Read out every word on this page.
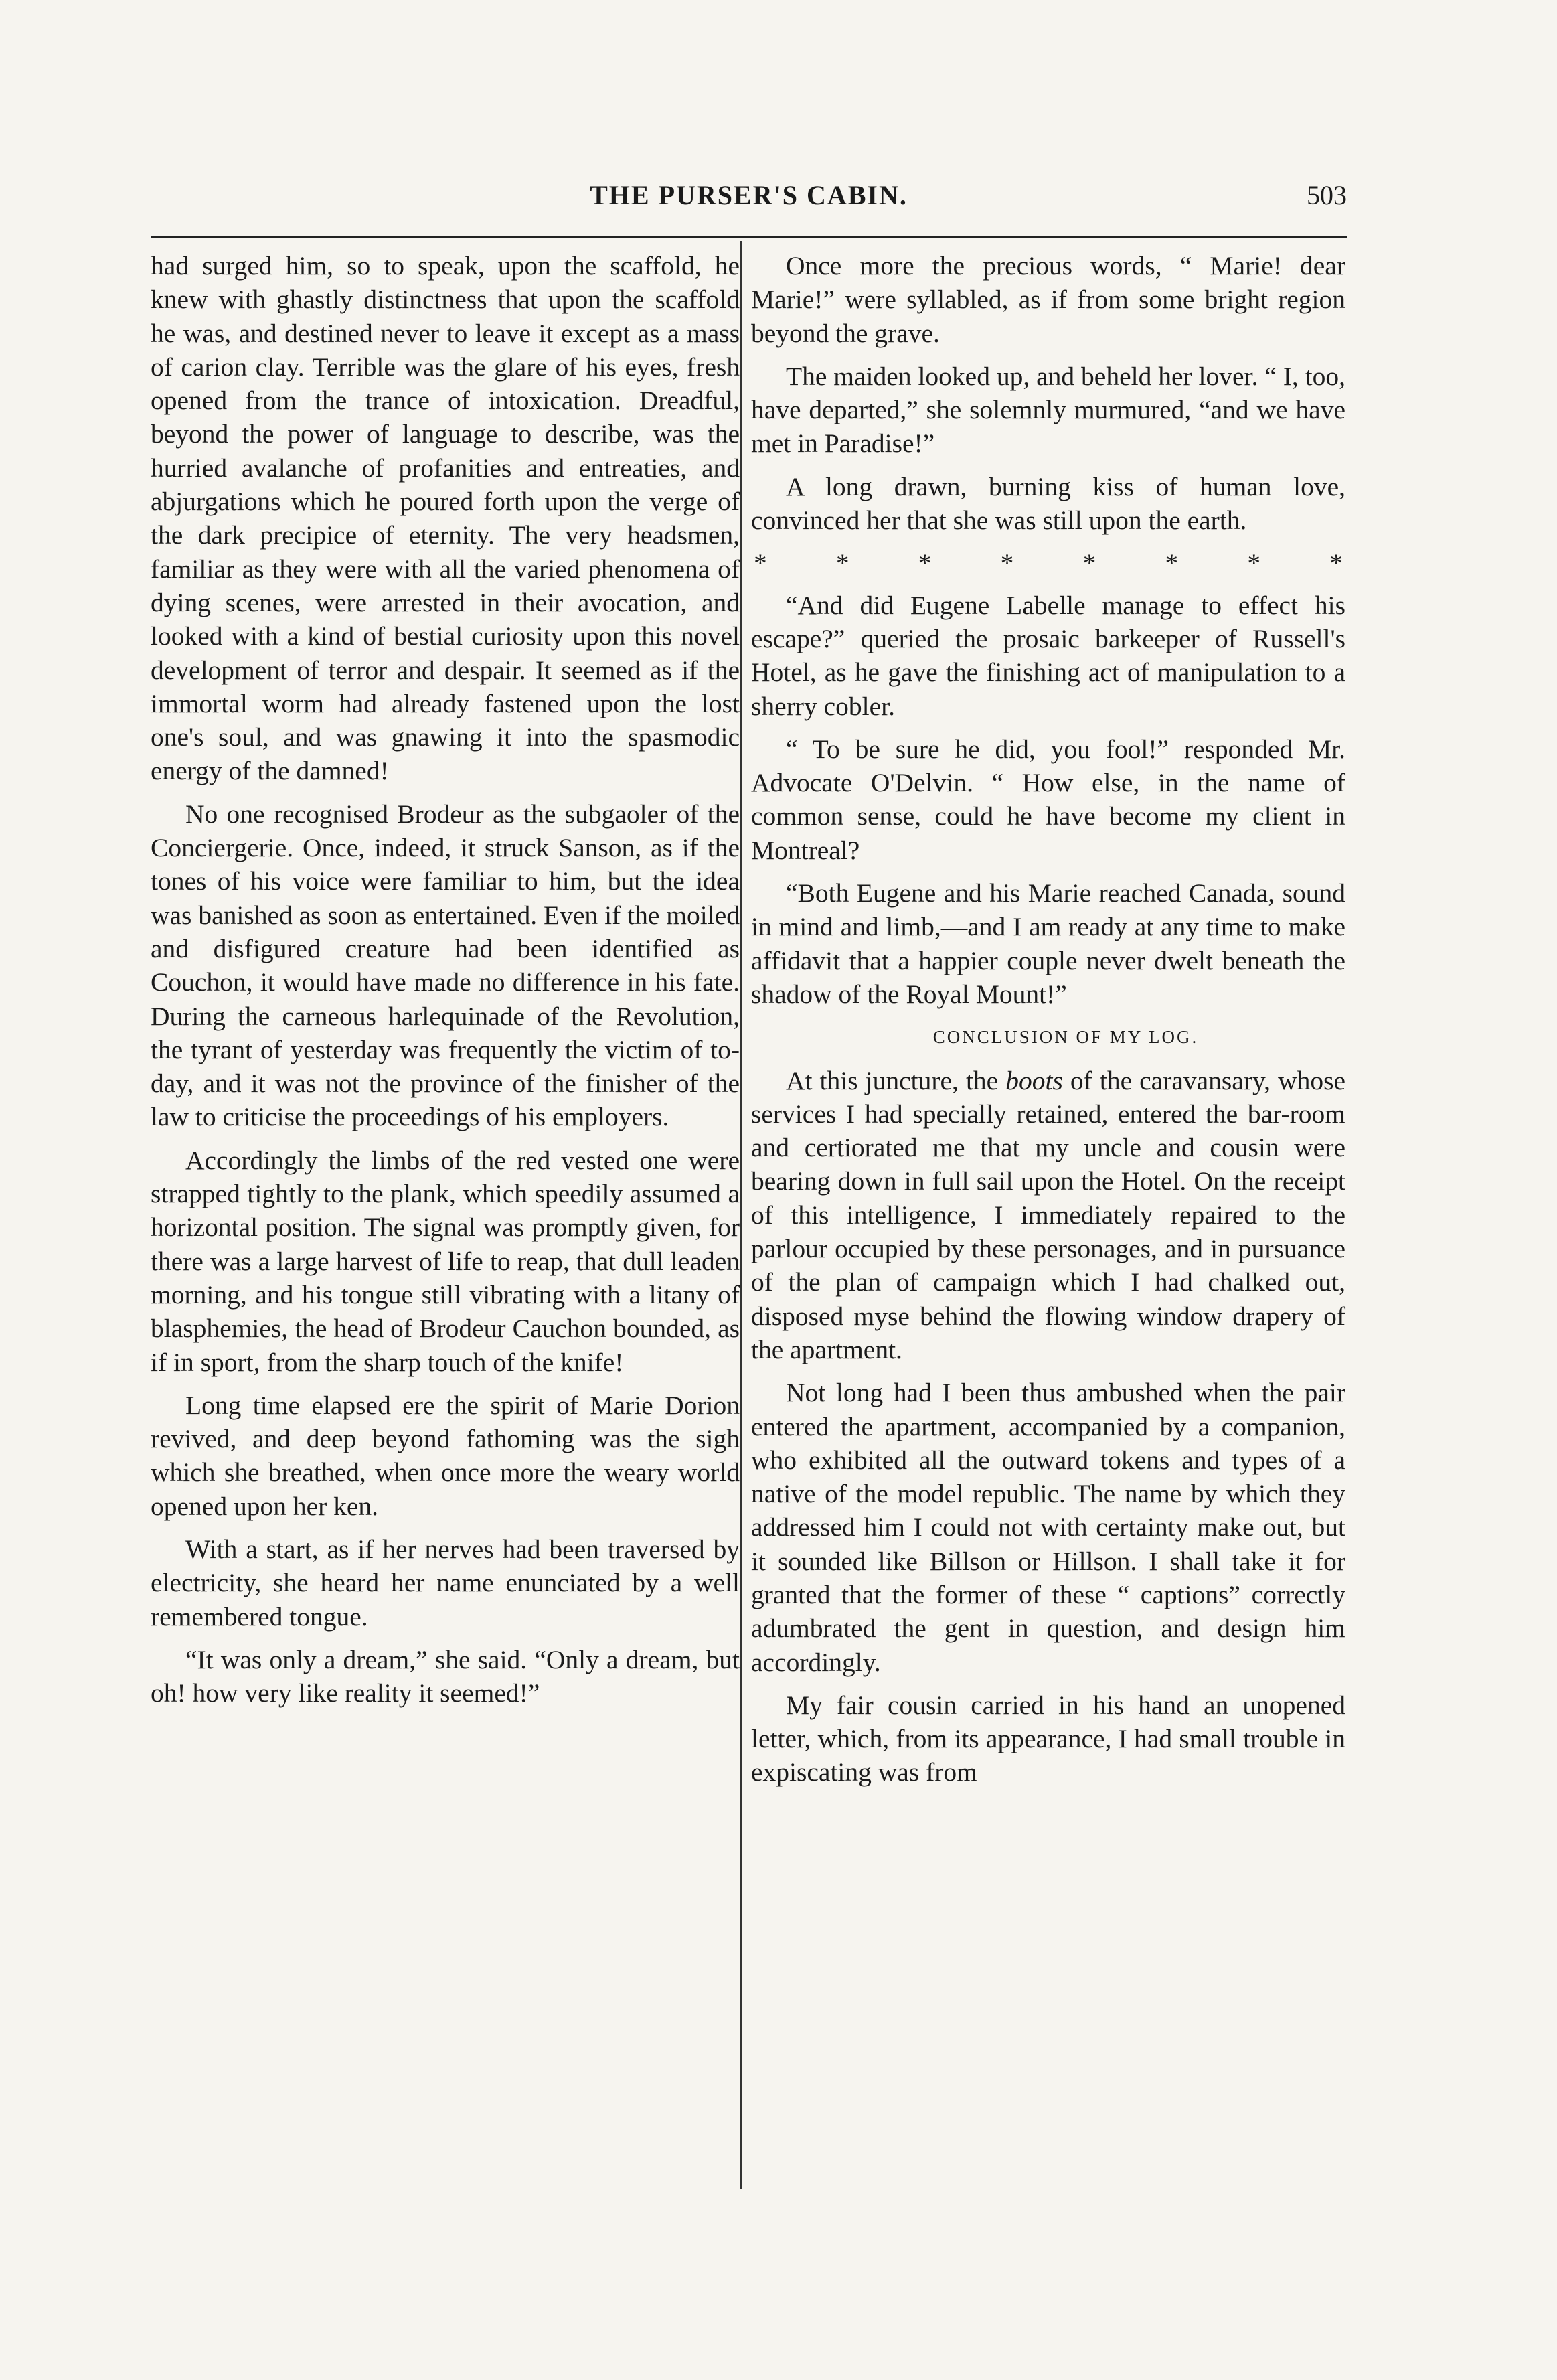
THE PURSER'S CABIN.	503

had surged him, so to speak, upon the scaffold, he knew with ghastly distinctness that upon the scaffold he was, and destined never to leave it except as a mass of carion clay. Terrible was the glare of his eyes, fresh opened from the trance of intoxication. Dreadful, beyond the power of language to describe, was the hurried avalanche of profanities and entreaties, and abjurgations which he poured forth upon the verge of the dark precipice of eternity. The very headsmen, familiar as they were with all the varied phenomena of dying scenes, were arrested in their avocation, and looked with a kind of bestial curiosity upon this novel development of terror and despair. It seemed as if the immortal worm had already fastened upon the lost one's soul, and was gnawing it into the spasmodic energy of the damned!

No one recognised Brodeur as the subgaoler of the Conciergerie. Once, indeed, it struck Sanson, as if the tones of his voice were familiar to him, but the idea was banished as soon as entertained. Even if the moiled and disfigured creature had been identified as Couchon, it would have made no difference in his fate. During the carneous harlequinade of the Revolution, the tyrant of yesterday was frequently the victim of to-day, and it was not the province of the finisher of the law to criticise the proceedings of his employers.

Accordingly the limbs of the red vested one were strapped tightly to the plank, which speedily assumed a horizontal position. The signal was promptly given, for there was a large harvest of life to reap, that dull leaden morning, and his tongue still vibrating with a litany of blasphemies, the head of Brodeur Cauchon bounded, as if in sport, from the sharp touch of the knife!

Long time elapsed ere the spirit of Marie Dorion revived, and deep beyond fathoming was the sigh which she breathed, when once more the weary world opened upon her ken.

With a start, as if her nerves had been traversed by electricity, she heard her name enunciated by a well remembered tongue.

“It was only a dream,” she said. “Only a dream, but oh! how very like reality it seemed!”

Once more the precious words, “ Marie! dear Marie!” were syllabled, as if from some bright region beyond the grave.

The maiden looked up, and beheld her lover. “ I, too, have departed,” she solemnly murmured, “and we have met in Paradise!”

A long drawn, burning kiss of human love, convinced her that she was still upon the earth.

*	*	*	*	*	*	*	*

“And did Eugene Labelle manage to effect his escape?” queried the prosaic barkeeper of Russell's Hotel, as he gave the finishing act of manipulation to a sherry cobler.

“ To be sure he did, you fool!” responded Mr. Advocate O'Delvin. “ How else, in the name of common sense, could he have become my client in Montreal?

“Both Eugene and his Marie reached Canada, sound in mind and limb,—and I am ready at any time to make affidavit that a happier couple never dwelt beneath the shadow of the Royal Mount!”

CONCLUSION OF MY LOG.

At this juncture, the boots of the caravansary, whose services I had specially retained, entered the bar-room and certiorated me that my uncle and cousin were bearing down in full sail upon the Hotel. On the receipt of this intelligence, I immediately repaired to the parlour occupied by these personages, and in pursuance of the plan of campaign which I had chalked out, disposed myse behind the flowing window drapery of the apartment.

Not long had I been thus ambushed when the pair entered the apartment, accompanied by a companion, who exhibited all the outward tokens and types of a native of the model republic. The name by which they addressed him I could not with certainty make out, but it sounded like Billson or Hillson. I shall take it for granted that the former of these “ captions” correctly adumbrated the gent in question, and design him accordingly.

My fair cousin carried in his hand an unopened letter, which, from its appearance, I had small trouble in expiscating was from
